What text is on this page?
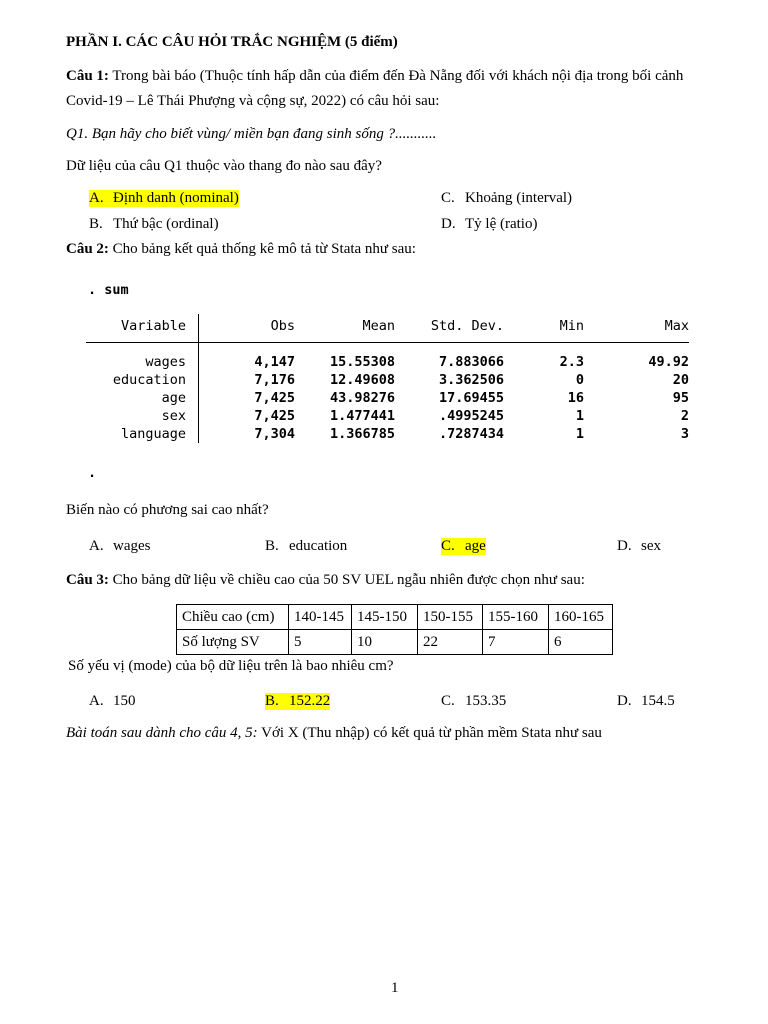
PHẦN I. CÁC CÂU HỎI TRẮC NGHIỆM (5 điểm)
Câu 1: Trong bài báo (Thuộc tính hấp dẫn của điểm đến Đà Nẵng đối với khách nội địa trong bối cảnh
Covid-19 – Lê Thái Phượng và cộng sự, 2022) có câu hỏi sau:
Q1. Bạn hãy cho biết vùng/ miền bạn đang sinh sống ?...........
Dữ liệu của câu Q1 thuộc vào thang đo nào sau đây?
A. Định danh (nominal)
B. Thứ bậc (ordinal)
C. Khoảng (interval)
D. Tỷ lệ (ratio)
Câu 2: Cho bảng kết quả thống kê mô tả từ Stata như sau:
. sum
Variable	Obs	Mean	Std. Dev.	Min	Max
wages	4,147	15.55308	7.883066	2.3	49.92
education	7,176	12.49608	3.362506	0	20
age	7,425	43.98276	17.69455	16	95
sex	7,425	1.477441	.4995245	1	2
language	7,304	1.366785	.7287434	1	3
.
Biến nào có phương sai cao nhất?
A. wages	B. education	C. age	D. sex
Câu 3: Cho bảng dữ liệu về chiều cao của 50 SV UEL ngẫu nhiên được chọn như sau:
Chiều cao (cm)	140-145	145-150	150-155	155-160	160-165
Số lượng SV	5	10	22	7	6
Số yếu vị (mode) của bộ dữ liệu trên là bao nhiêu cm?
A. 150	B. 152.22	C. 153.35	D. 154.5
Bài toán sau dành cho câu 4, 5: Với X (Thu nhập) có kết quả từ phần mềm Stata như sau
1
